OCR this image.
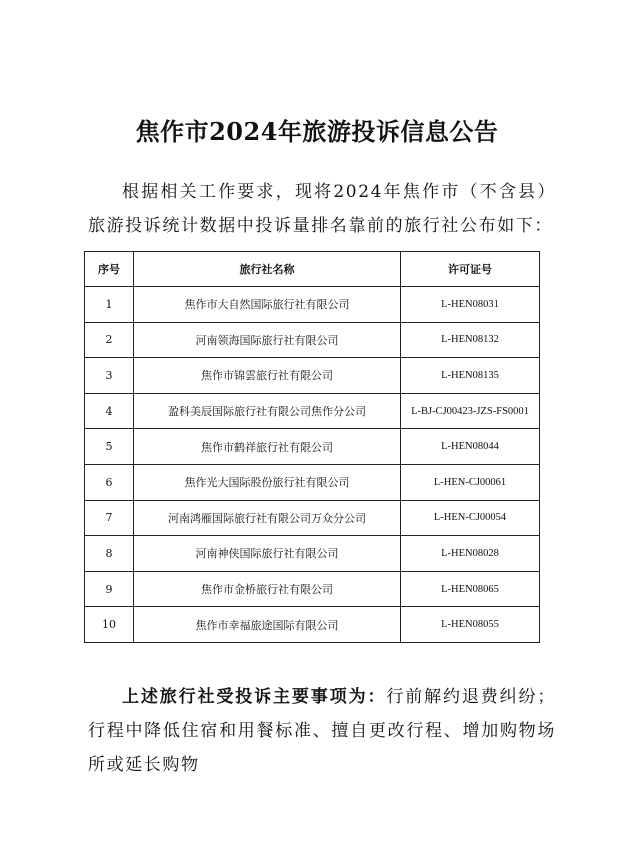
焦作市2024年旅游投诉信息公告

根据相关工作要求，现将2024年焦作市（不含县）旅游投诉统计数据中投诉量排名靠前的旅行社公布如下：

序号	旅行社名称	许可证号
1	焦作市大自然国际旅行社有限公司	L-HEN08031
2	河南领海国际旅行社有限公司	L-HEN08132
3	焦作市锦雲旅行社有限公司	L-HEN08135
4	盈科美辰国际旅行社有限公司焦作分公司	L-BJ-CJ00423-JZS-FS0001
5	焦作市鹤祥旅行社有限公司	L-HEN08044
6	焦作光大国际股份旅行社有限公司	L-HEN-CJ00061
7	河南鸿雁国际旅行社有限公司万众分公司	L-HEN-CJ00054
8	河南神侠国际旅行社有限公司	L-HEN08028
9	焦作市金桥旅行社有限公司	L-HEN08065
10	焦作市幸福旅途国际有限公司	L-HEN08055

上述旅行社受投诉主要事项为：行前解约退费纠纷；行程中降低住宿和用餐标准、擅自更改行程、增加购物场所或延长购物
